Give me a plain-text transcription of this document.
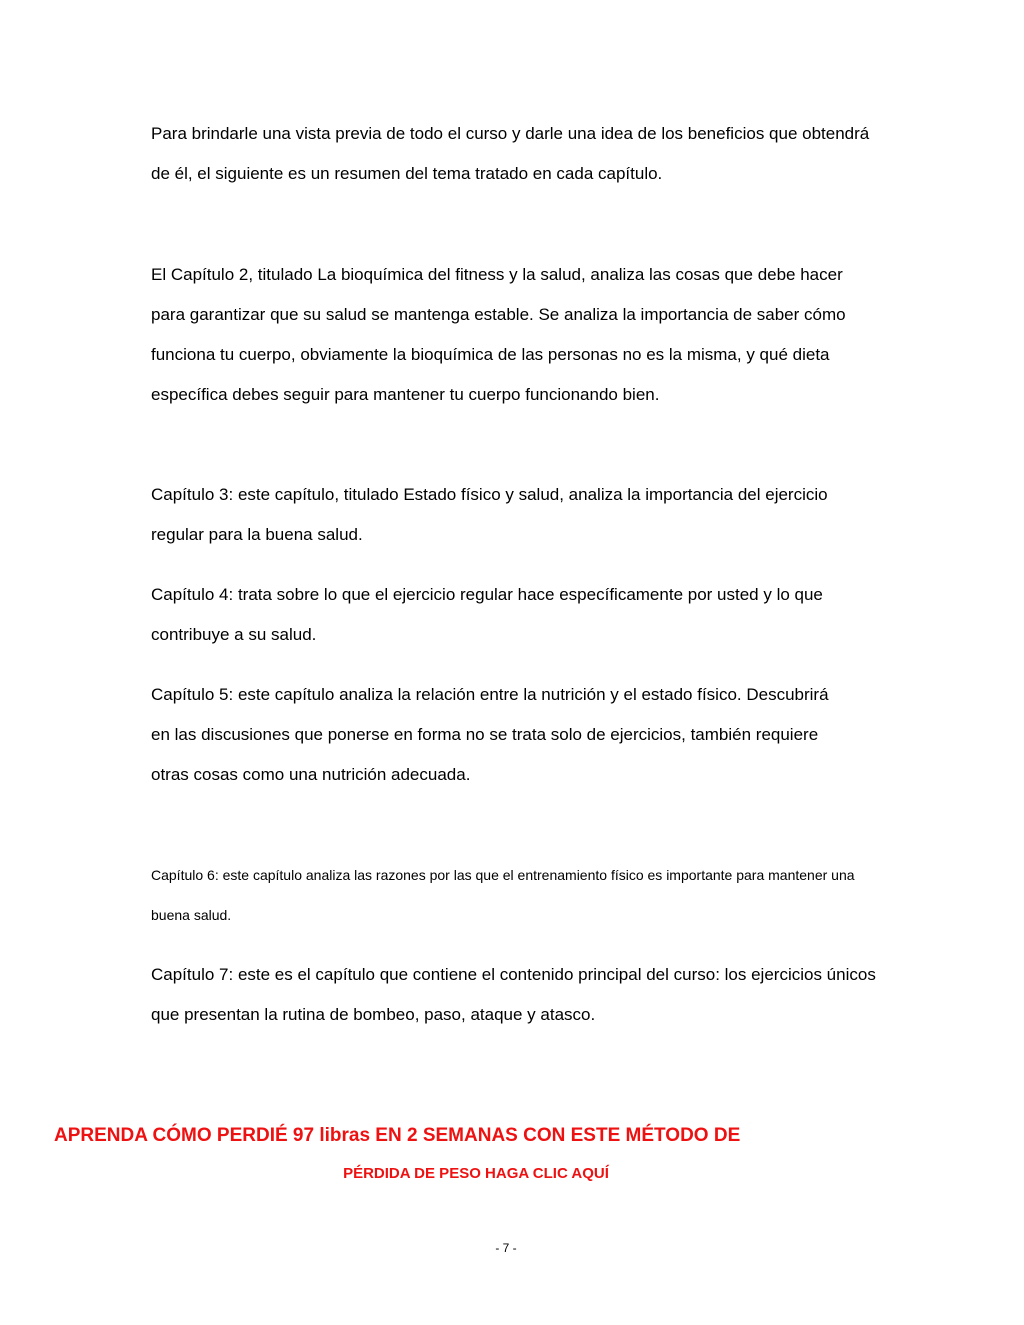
Para brindarle una vista previa de todo el curso y darle una idea de los beneficios que obtendrá de él, el siguiente es un resumen del tema tratado en cada capítulo.

El Capítulo 2, titulado La bioquímica del fitness y la salud, analiza las cosas que debe hacer para garantizar que su salud se mantenga estable. Se analiza la importancia de saber cómo funciona tu cuerpo, obviamente la bioquímica de las personas no es la misma, y qué dieta específica debes seguir para mantener tu cuerpo funcionando bien.

Capítulo 3: este capítulo, titulado Estado físico y salud, analiza la importancia del ejercicio regular para la buena salud.

Capítulo 4: trata sobre lo que el ejercicio regular hace específicamente por usted y lo que contribuye a su salud.

Capítulo 5: este capítulo analiza la relación entre la nutrición y el estado físico. Descubrirá en las discusiones que ponerse en forma no se trata solo de ejercicios, también requiere otras cosas como una nutrición adecuada.

Capítulo 6: este capítulo analiza las razones por las que el entrenamiento físico es importante para mantener una buena salud.

Capítulo 7: este es el capítulo que contiene el contenido principal del curso: los ejercicios únicos que presentan la rutina de bombeo, paso, ataque y atasco.

APRENDA CÓMO PERDIÉ 97 libras EN 2 SEMANAS CON ESTE MÉTODO DE

PÉRDIDA DE PESO HAGA CLIC AQUÍ

- 7 -
